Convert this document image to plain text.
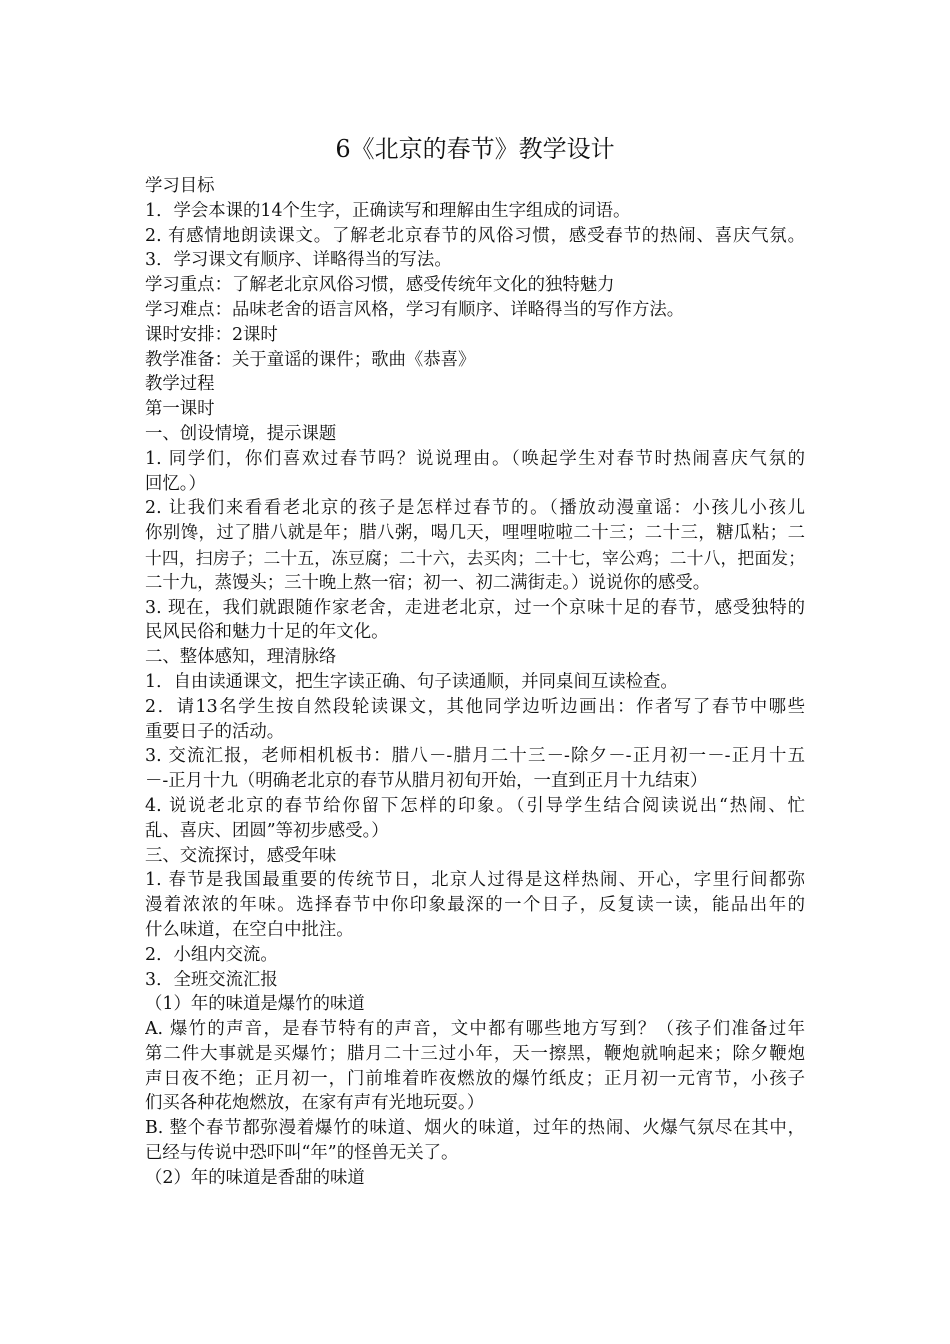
6《北京的春节》教学设计
学习目标
1．学会本课的14个生字，正确读写和理解由生字组成的词语。
2. 有感情地朗读课文。了解老北京春节的风俗习惯，感受春节的热闹、喜庆气氛。
3．学习课文有顺序、详略得当的写法。
学习重点：了解老北京风俗习惯，感受传统年文化的独特魅力
学习难点：品味老舍的语言风格，学习有顺序、详略得当的写作方法。
课时安排：2课时
教学准备：关于童谣的课件；歌曲《恭喜》
教学过程
第一课时
一、创设情境，提示课题
1. 同学们，你们喜欢过春节吗？说说理由。（唤起学生对春节时热闹喜庆气氛的
回忆。）
2. 让我们来看看老北京的孩子是怎样过春节的。（播放动漫童谣：小孩儿小孩儿
你别馋，过了腊八就是年；腊八粥，喝几天，哩哩啦啦二十三；二十三，糖瓜粘；二
十四，扫房子；二十五，冻豆腐；二十六，去买肉；二十七，宰公鸡；二十八，把面发；
二十九，蒸馒头；三十晚上熬一宿；初一、初二满街走。）说说你的感受。
3. 现在，我们就跟随作家老舍，走进老北京，过一个京味十足的春节，感受独特的
民风民俗和魅力十足的年文化。
二、整体感知，理清脉络
1．自由读通课文，把生字读正确、句子读通顺，并同桌间互读检查。
2．请13名学生按自然段轮读课文，其他同学边听边画出：作者写了春节中哪些
重要日子的活动。
3. 交流汇报，老师相机板书：腊八－-腊月二十三－-除夕－-正月初一－-正月十五
－-正月十九（明确老北京的春节从腊月初旬开始，一直到正月十九结束）
4. 说说老北京的春节给你留下怎样的印象。（引导学生结合阅读说出“热闹、忙
乱、喜庆、团圆”等初步感受。）
三、交流探讨，感受年味
1. 春节是我国最重要的传统节日，北京人过得是这样热闹、开心，字里行间都弥
漫着浓浓的年味。选择春节中你印象最深的一个日子，反复读一读，能品出年的
什么味道，在空白中批注。
2．小组内交流。
3．全班交流汇报
（1）年的味道是爆竹的味道
A. 爆竹的声音，是春节特有的声音，文中都有哪些地方写到？（孩子们准备过年
第二件大事就是买爆竹；腊月二十三过小年，天一擦黑，鞭炮就响起来；除夕鞭炮
声日夜不绝；正月初一，门前堆着昨夜燃放的爆竹纸皮；正月初一元宵节，小孩子
们买各种花炮燃放，在家有声有光地玩耍。）
B. 整个春节都弥漫着爆竹的味道、烟火的味道，过年的热闹、火爆气氛尽在其中，
已经与传说中恐吓叫“年”的怪兽无关了。
（2）年的味道是香甜的味道
